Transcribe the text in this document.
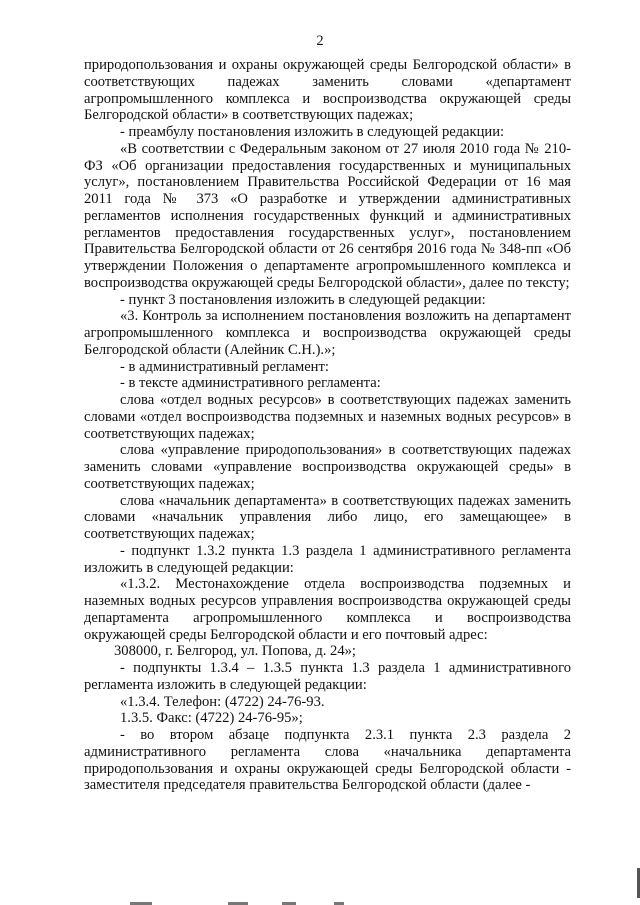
2

природопользования и охраны окружающей среды Белгородской области» в соответствующих падежах заменить словами «департамент агропромышленного комплекса и воспроизводства окружающей среды Белгородской области» в соответствующих падежах;

- преамбулу постановления изложить в следующей редакции:

«В соответствии с Федеральным законом от 27 июля 2010 года № 210-ФЗ «Об организации предоставления государственных и муниципальных услуг», постановлением Правительства Российской Федерации от 16 мая 2011 года № 373 «О разработке и утверждении административных регламентов исполнения государственных функций и административных регламентов предоставления государственных услуг», постановлением Правительства Белгородской области от 26 сентября 2016 года № 348-пп «Об утверждении Положения о департаменте агропромышленного комплекса и воспроизводства окружающей среды Белгородской области», далее по тексту;

- пункт 3 постановления изложить в следующей редакции:

«3. Контроль за исполнением постановления возложить на департамент агропромышленного комплекса и воспроизводства окружающей среды Белгородской области (Алейник С.Н.).»;

- в административный регламент:

- в тексте административного регламента:

слова «отдел водных ресурсов» в соответствующих падежах заменить словами «отдел воспроизводства подземных и наземных водных ресурсов» в соответствующих падежах;

слова «управление природопользования» в соответствующих падежах заменить словами «управление воспроизводства окружающей среды» в соответствующих падежах;

слова «начальник департамента» в соответствующих падежах заменить словами «начальник управления либо лицо, его замещающее» в соответствующих падежах;

- подпункт 1.3.2 пункта 1.3 раздела 1 административного регламента изложить в следующей редакции:

«1.3.2. Местонахождение отдела воспроизводства подземных и наземных водных ресурсов управления воспроизводства окружающей среды департамента агропромышленного комплекса и воспроизводства окружающей среды Белгородской области и его почтовый адрес:

308000, г. Белгород, ул. Попова, д. 24»;

- подпункты 1.3.4 – 1.3.5 пункта 1.3 раздела 1 административного регламента изложить в следующей редакции:

«1.3.4. Телефон: (4722) 24-76-93.

1.3.5. Факс: (4722) 24-76-95»;

- во втором абзаце подпункта 2.3.1 пункта 2.3 раздела 2 административного регламента слова «начальника департамента природопользования и охраны окружающей среды Белгородской области - заместителя председателя правительства Белгородской области (далее -
